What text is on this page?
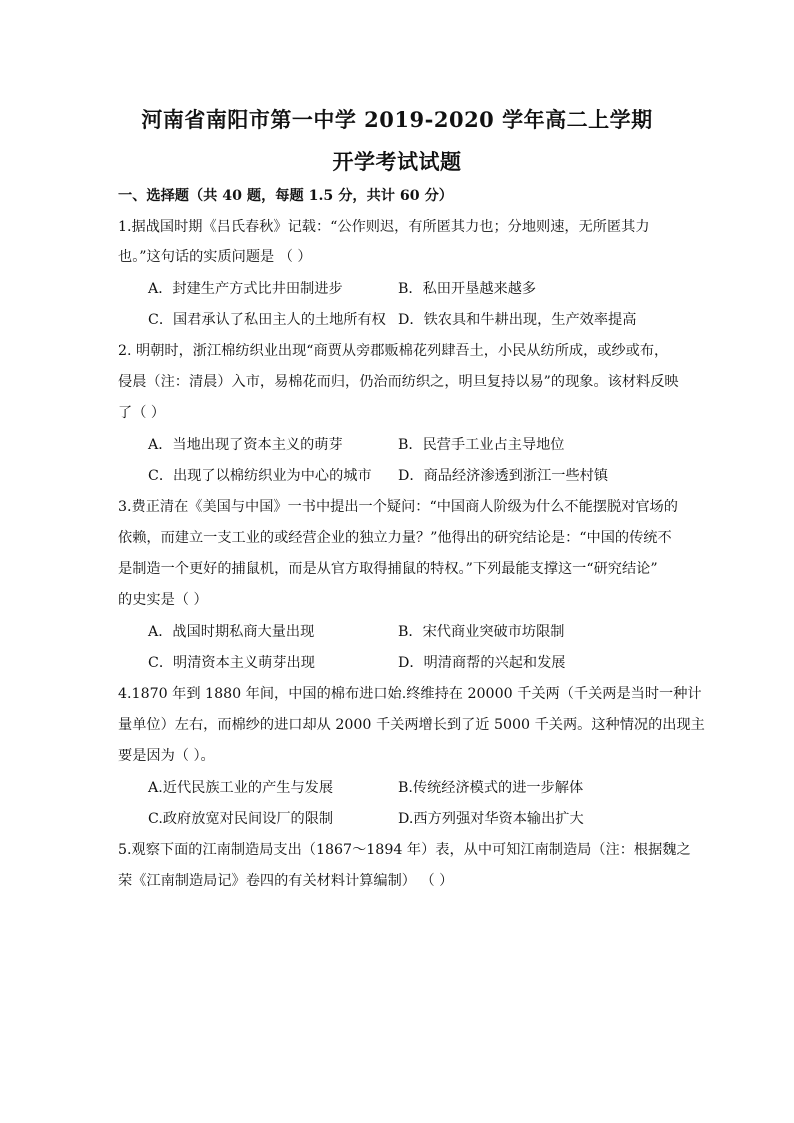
河南省南阳市第一中学 2019-2020 学年高二上学期
开学考试试题
一、选择题（共 40 题，每题 1.5 分，共计 60 分）
1.据战国时期《吕氏春秋》记载：“公作则迟，有所匿其力也；分地则速，无所匿其力
也。”这句话的实质问题是 （ ）
A．封建生产方式比井田制进步	B．私田开垦越来越多
C．国君承认了私田主人的土地所有权 D．铁农具和牛耕出现，生产效率提高
2. 明朝时，浙江棉纺织业出现“商贾从旁郡贩棉花列肆吾土，小民从纺所成，或纱或布，
侵晨（注：清晨）入市，易棉花而归，仍治而纺织之，明旦复持以易”的现象。该材料反映
了（ ）
A．当地出现了资本主义的萌芽	B．民营手工业占主导地位
C．出现了以棉纺织业为中心的城市 D．商品经济渗透到浙江一些村镇
3.费正清在《美国与中国》一书中提出一个疑问：“中国商人阶级为什么不能摆脱对官场的
依赖，而建立一支工业的或经营企业的独立力量？”他得出的研究结论是：“中国的传统不
是制造一个更好的捕鼠机，而是从官方取得捕鼠的特权。”下列最能支撑这一“研究结论”
的史实是（ ）
A．战国时期私商大量出现	B．宋代商业突破市坊限制
C．明清资本主义萌芽出现	D．明清商帮的兴起和发展
4.1870 年到 1880 年间，中国的棉布进口始.终维持在 20000 千关两（千关两是当时一种计
量单位）左右，而棉纱的进口却从 2000 千关两增长到了近 5000 千关两。这种情况的出现主
要是因为（ ）。
A.近代民族工业的产生与发展	B.传统经济模式的进一步解体
C.政府放宽对民间设厂的限制	D.西方列强对华资本输出扩大
5.观察下面的江南制造局支出（1867～1894 年）表，从中可知江南制造局（注：根据魏之
荣《江南制造局记》卷四的有关材料计算编制） （ ）
